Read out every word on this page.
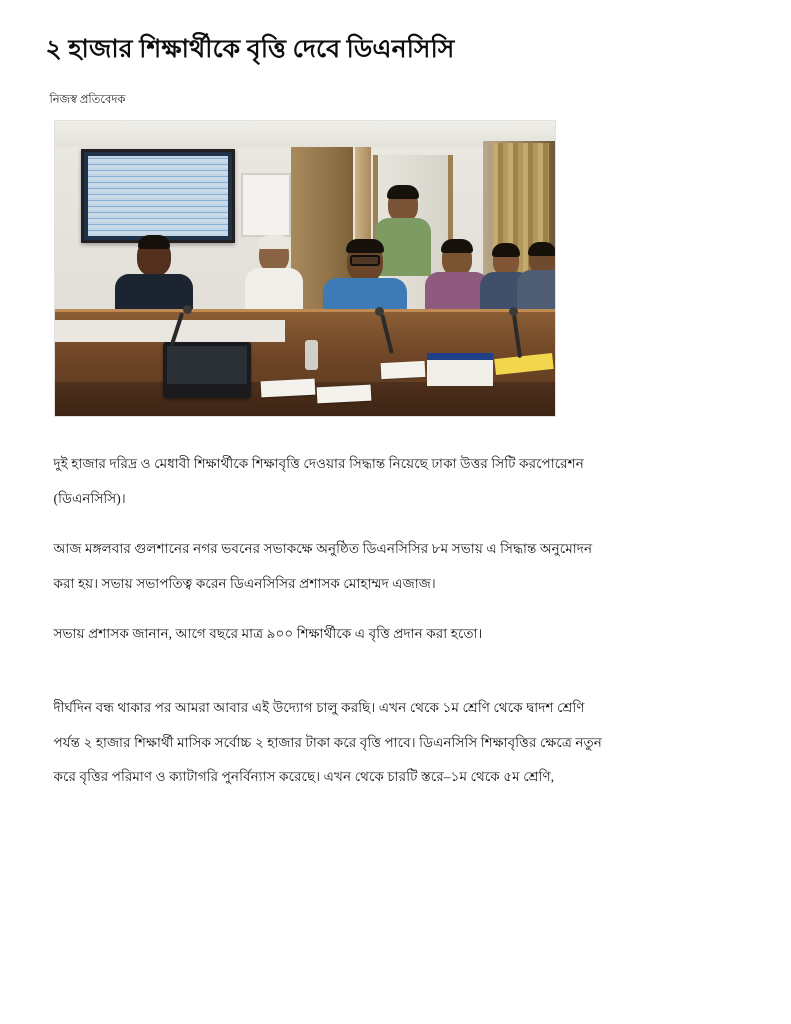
২ হাজার শিক্ষার্থীকে বৃত্তি দেবে ডিএনসিসি
নিজস্ব প্রতিবেদক

দুই হাজার দরিদ্র ও মেধাবী শিক্ষার্থীকে শিক্ষাবৃত্তি দেওয়ার সিদ্ধান্ত নিয়েছে ঢাকা উত্তর সিটি করপোরেশন (ডিএনসিসি)।

আজ মঙ্গলবার গুলশানের নগর ভবনের সভাকক্ষে অনুষ্ঠিত ডিএনসিসির ৮ম সভায় এ সিদ্ধান্ত অনুমোদন করা হয়। সভায় সভাপতিত্ব করেন ডিএনসিসির প্রশাসক মোহাম্মদ এজাজ।

সভায় প্রশাসক জানান, আগে বছরে মাত্র ৯০০ শিক্ষার্থীকে এ বৃত্তি প্রদান করা হতো।

দীর্ঘদিন বন্ধ থাকার পর আমরা আবার এই উদ্যোগ চালু করছি। এখন থেকে ১ম শ্রেণি থেকে দ্বাদশ শ্রেণি পর্যন্ত ২ হাজার শিক্ষার্থী মাসিক সর্বোচ্চ ২ হাজার টাকা করে বৃত্তি পাবে। ডিএনসিসি শিক্ষাবৃত্তির ক্ষেত্রে নতুন করে বৃত্তির পরিমাণ ও ক্যাটাগরি পুনর্বিন্যাস করেছে। এখন থেকে চারটি স্তরে–১ম থেকে ৫ম শ্রেণি,
